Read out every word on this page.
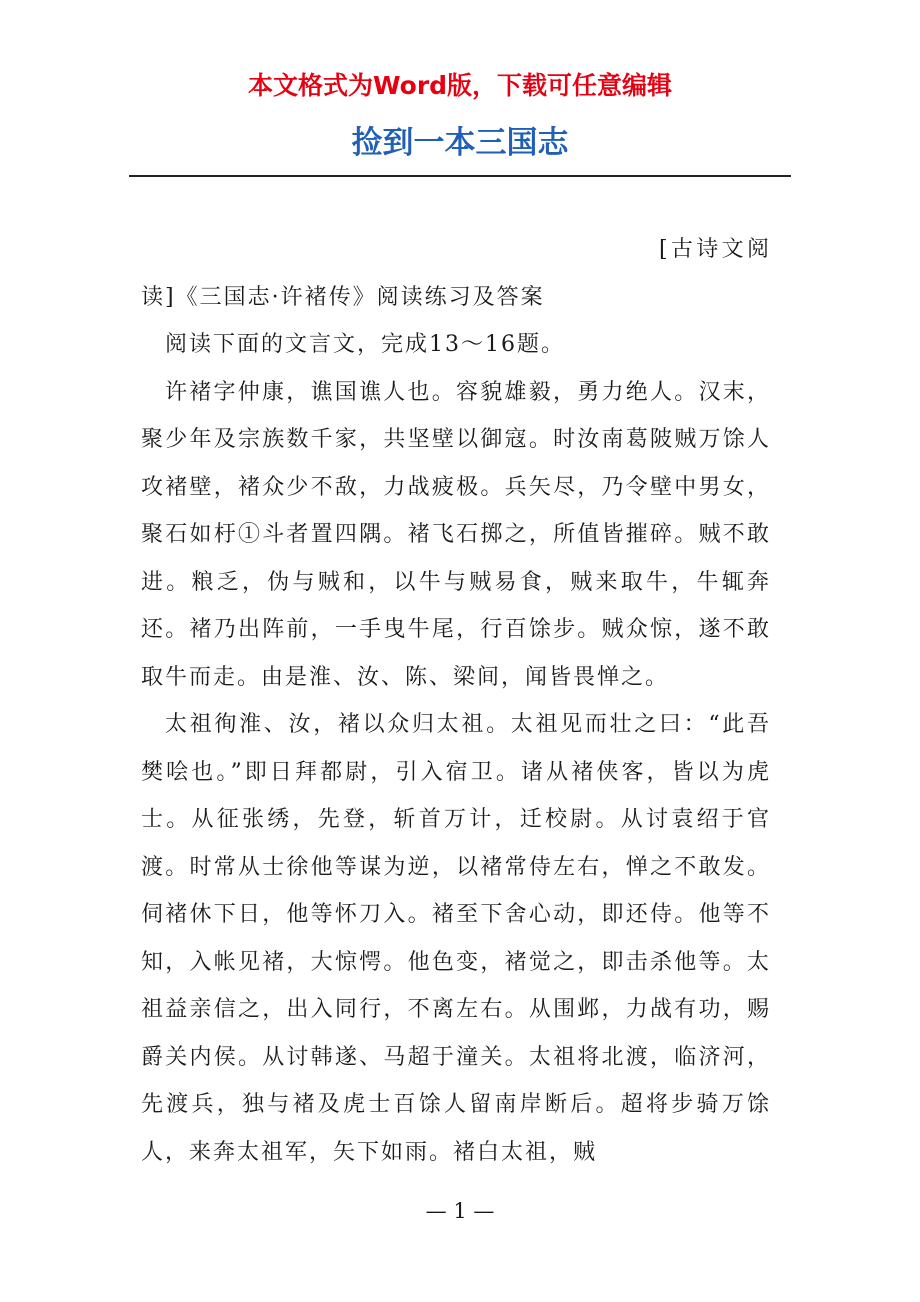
本文格式为Word版，下载可任意编辑

捡到一本三国志

[古诗文阅读]《三国志·许褚传》阅读练习及答案

阅读下面的文言文，完成13～16题。

许褚字仲康，谯国谯人也。容貌雄毅，勇力绝人。汉末，聚少年及宗族数千家，共坚壁以御寇。时汝南葛陂贼万馀人攻褚壁，褚众少不敌，力战疲极。兵矢尽，乃令壁中男女，聚石如杅①斗者置四隅。褚飞石掷之，所值皆摧碎。贼不敢进。粮乏，伪与贼和，以牛与贼易食，贼来取牛，牛辄奔还。褚乃出阵前，一手曳牛尾，行百馀步。贼众惊，遂不敢取牛而走。由是淮、汝、陈、梁间，闻皆畏惮之。

太祖徇淮、汝，褚以众归太祖。太祖见而壮之曰：“此吾樊哙也。”即日拜都尉，引入宿卫。诸从褚侠客，皆以为虎士。从征张绣，先登，斩首万计，迁校尉。从讨袁绍于官渡。时常从士徐他等谋为逆，以褚常侍左右，惮之不敢发。伺褚休下日，他等怀刀入。褚至下舍心动，即还侍。他等不知，入帐见褚，大惊愕。他色变，褚觉之，即击杀他等。太祖益亲信之，出入同行，不离左右。从围邺，力战有功，赐爵关内侯。从讨韩遂、马超于潼关。太祖将北渡，临济河，先渡兵，独与褚及虎士百馀人留南岸断后。超将步骑万馀人，来奔太祖军，矢下如雨。褚白太祖，贼

— 1 —
